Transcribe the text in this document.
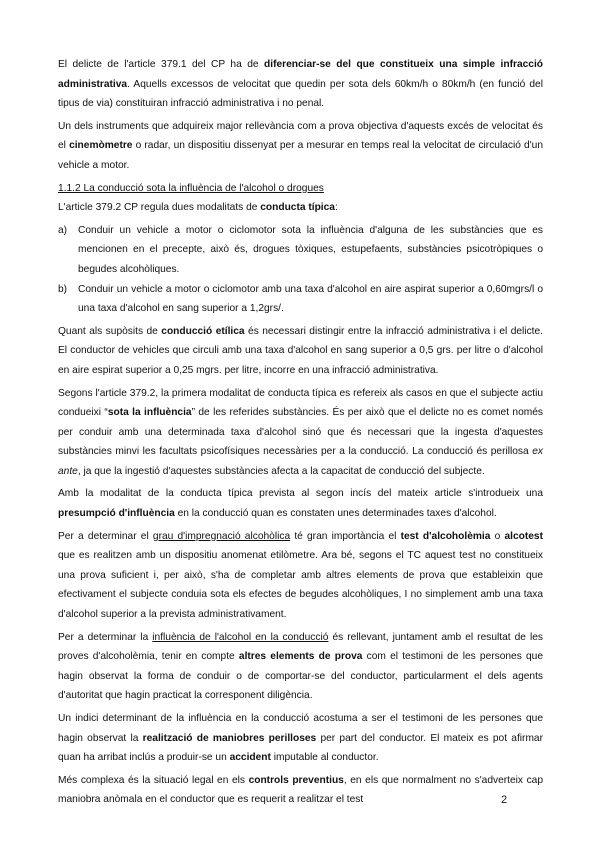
El delicte de l'article 379.1 del CP ha de diferenciar-se del que constitueix una simple infracció administrativa. Aquells excessos de velocitat que quedin per sota dels 60km/h o 80km/h (en funció del tipus de via) constituiran infracció administrativa i no penal.

Un dels instruments que adquireix major rellevància com a prova objectiva d'aquests excés de velocitat és el cinemòmetre o radar, un dispositiu dissenyat per a mesurar en temps real la velocitat de circulació d'un vehicle a motor.

1.1.2 La conducció sota la influència de l'alcohol o drogues

L'article 379.2 CP regula dues modalitats de conducta típica:

a)	Conduir un vehicle a motor o ciclomotor sota la influència d'alguna de les substàncies que es mencionen en el precepte, això és, drogues tòxiques, estupefaents, substàncies psicotròpiques o begudes alcohòliques.
b)	Conduir un vehicle a motor o ciclomotor amb una taxa d'alcohol en aire aspirat superior a 0,60mgrs/l o una taxa d'alcohol en sang superior a 1,2grs/.

Quant als supòsits de conducció etílica és necessari distingir entre la infracció administrativa i el delicte. El conductor de vehicles que circuli amb una taxa d'alcohol en sang superior a 0,5 grs. per litre o d'alcohol en aire espirat superior a 0,25 mgrs. per litre, incorre en una infracció administrativa.

Segons l'article 379.2, la primera modalitat de conducta típica es refereix als casos en que el subjecte actiu condueixi “sota la influència” de les referides substàncies. És per això que el delicte no es comet només per conduir amb una determinada taxa d'alcohol sinó que és necessari que la ingesta d'aquestes substàncies minvi les facultats psicofísiques necessàries per a la conducció. La conducció és perillosa ex ante, ja que la ingestió d'aquestes substàncies afecta a la capacitat de conducció del subjecte.

Amb la modalitat de la conducta típica prevista al segon incís del mateix article s'introdueix una presumpció d'influència en la conducció quan es constaten unes determinades taxes d'alcohol.

Per a determinar el grau d'impregnació alcohòlica té gran importància el test d'alcoholèmia o alcotest que es realitzen amb un dispositiu anomenat etilòmetre. Ara bé, segons el TC aquest test no constitueix una prova suficient i, per això, s'ha de completar amb altres elements de prova que estableixin que efectivament el subjecte conduia sota els efectes de begudes alcohòliques, I no simplement amb una taxa d'alcohol superior a la prevista administrativament.

Per a determinar la influència de l'alcohol en la conducció és rellevant, juntament amb el resultat de les proves d'alcoholèmia, tenir en compte altres elements de prova com el testimoni de les persones que hagin observat la forma de conduir o de comportar-se del conductor, particularment el dels agents d'autoritat que hagin practicat la corresponent diligència.

Un indici determinant de la influència en la conducció acostuma a ser el testimoni de les persones que hagin observat la realització de maniobres perilloses per part del conductor. El mateix es pot afirmar quan ha arribat inclús a produir-se un accident imputable al conductor.

Més complexa és la situació legal en els controls preventius, en els que normalment no s'adverteix cap maniobra anòmala en el conductor que es requerit a realitzar el test	2
